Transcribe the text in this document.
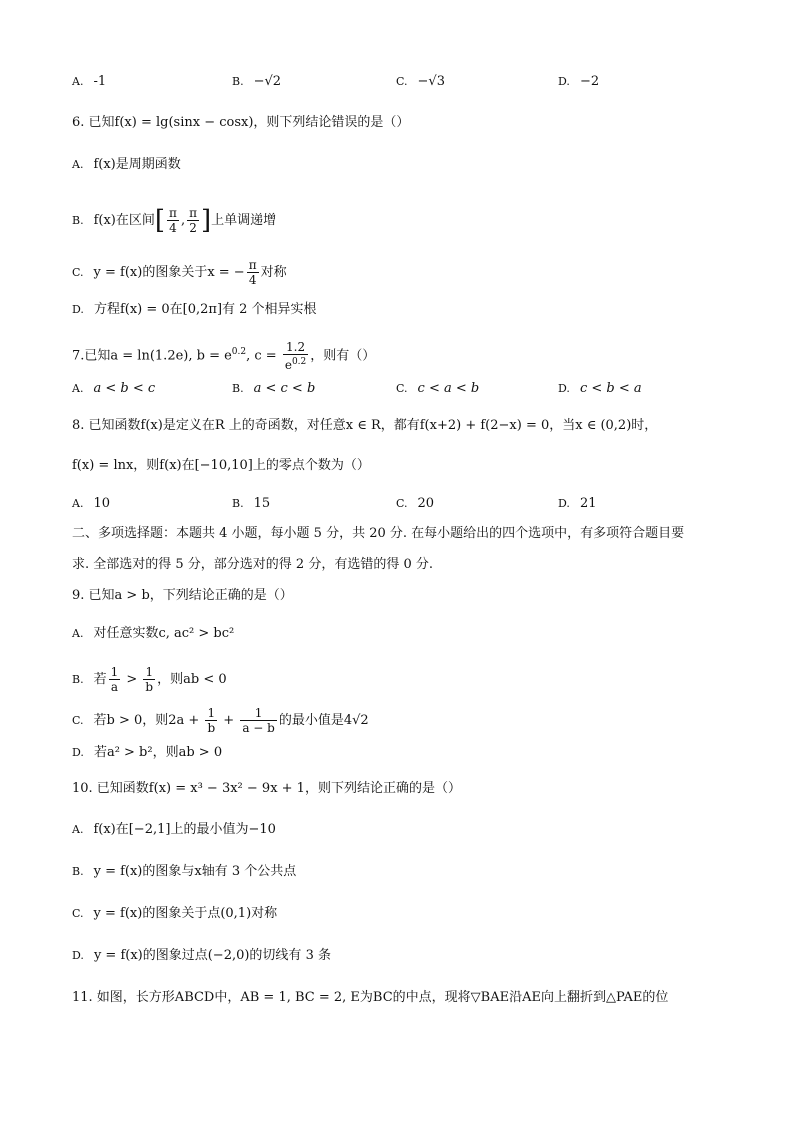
A. -1	B. −√2	C. −√3	D. −2
6. 已知f(x) = lg(sinx − cosx)，则下列结论错误的是（）
A. f(x)是周期函数
B. f(x)在区间[ $\frac{\pi}{4}$ , $\frac{\pi}{2}$ ]上单调递增
C. y = f(x)的图象关于x = − $\frac{\pi}{4}$ 对称
D. 方程f(x) = 0在[0,2π]有 2 个相异实根
7.已知a = ln(1.2e), $b = e^{0.2}$, $c = \frac{1.2}{e^{0.2}}$ ，则有（）
A. a < b < c	B. a < c < b	C. c < a < b	D. c < b < a
8. 已知函数f(x)是定义在R 上的奇函数，对任意x ∈ R，都有f(x+2) + f(2−x) = 0，当x ∈ (0,2)时，
f(x) = lnx，则f(x)在[−10,10]上的零点个数为（）
A. 10	B. 15	C. 20	D. 21
二、多项选择题：本题共 4 小题，每小题 5 分，共 20 分. 在每小题给出的四个选项中，有多项符合题目要
求. 全部选对的得 5 分，部分选对的得 2 分，有选错的得 0 分.
9. 已知a > b，下列结论正确的是（）
A. 对任意实数c, ac² > bc²
B. 若 $\frac{1}{a} > \frac{1}{b}$ ，则ab < 0
C. 若b > 0，则$2a + \frac{1}{b} + \frac{1}{a - b}$ 的最小值是4√2
D. 若a² > b²，则ab > 0
10. 已知函数f(x) = x³ − 3x² − 9x + 1，则下列结论正确的是（）
A. f(x)在[−2,1]上的最小值为−10
B. y = f(x)的图象与x轴有 3 个公共点
C. y = f(x)的图象关于点(0,1)对称
D. y = f(x)的图象过点(−2,0)的切线有 3 条
11. 如图，长方形ABCD中，AB = 1, BC = 2, E为BC的中点，现将▽BAE沿AE向上翻折到△PAE的位
